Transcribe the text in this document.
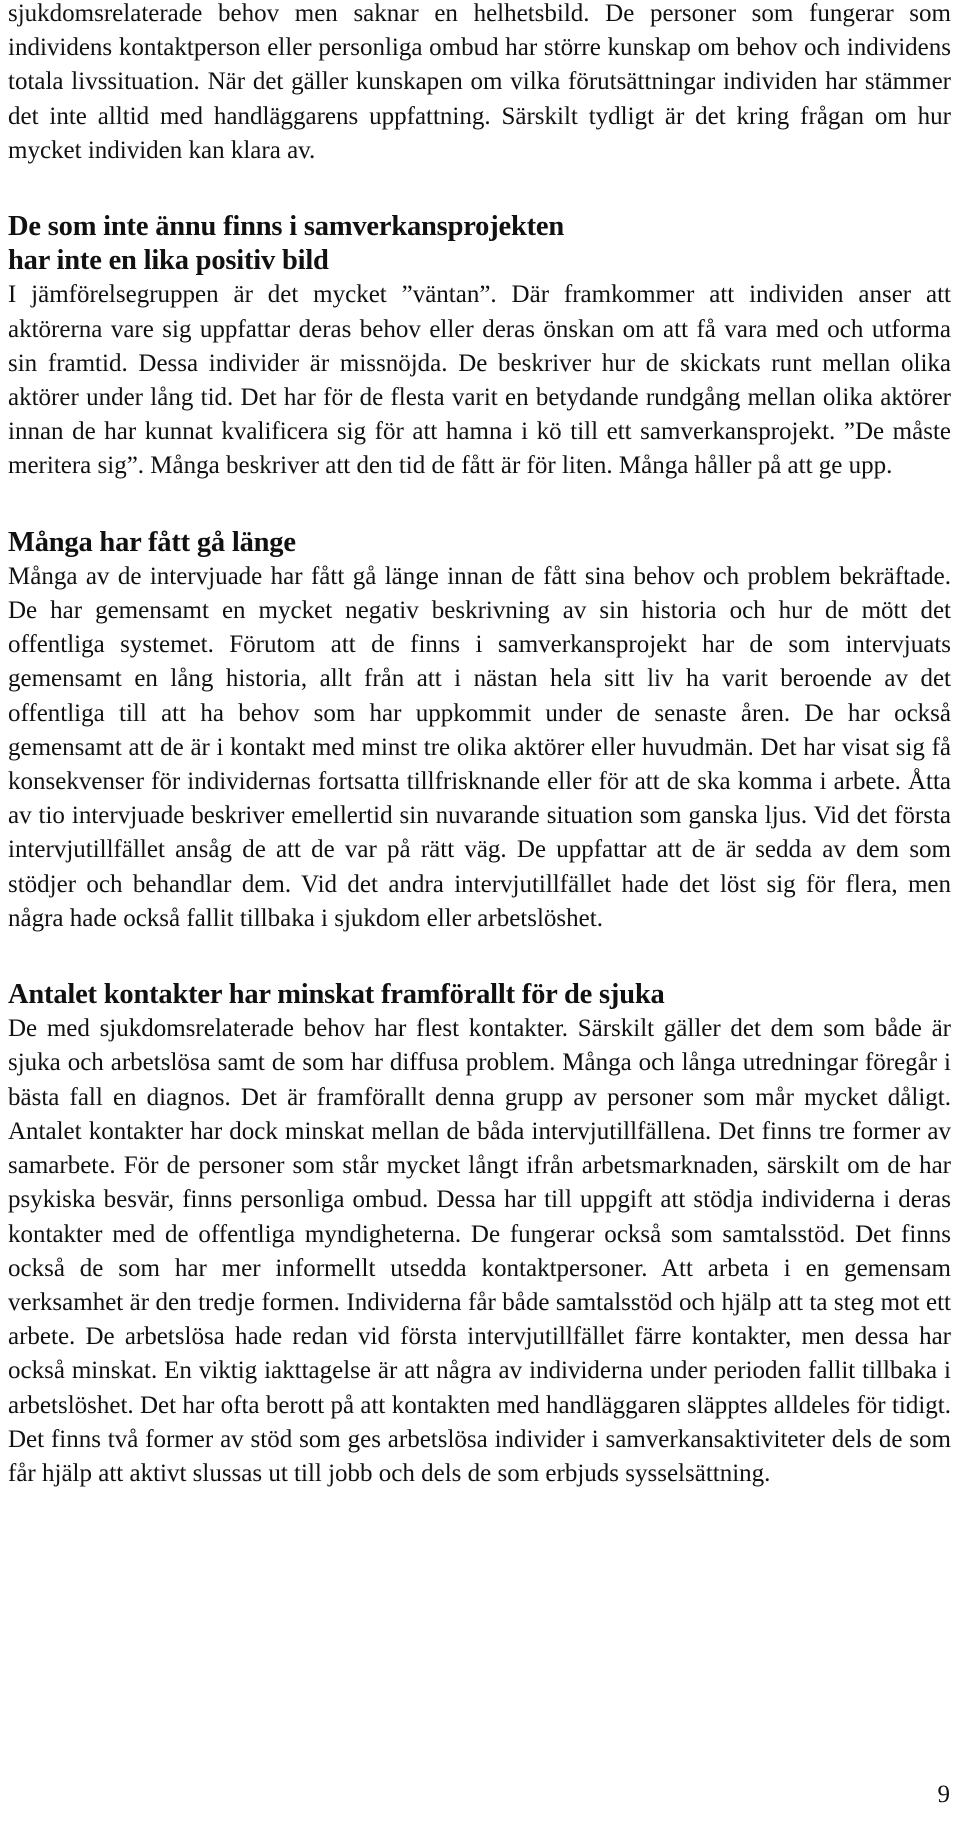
sjukdomsrelaterade behov men saknar en helhetsbild. De personer som fungerar som individens kontaktperson eller personliga ombud har större kunskap om behov och individens totala livssituation. När det gäller kunskapen om vilka förutsättningar individen har stämmer det inte alltid med handläggarens uppfattning. Särskilt tydligt är det kring frågan om hur mycket individen kan klara av.

De som inte ännu finns i samverkansprojekten
har inte en lika positiv bild

I jämförelsegruppen är det mycket ”väntan”. Där framkommer att individen anser att aktörerna vare sig uppfattar deras behov eller deras önskan om att få vara med och utforma sin framtid. Dessa individer är missnöjda. De beskriver hur de skickats runt mellan olika aktörer under lång tid. Det har för de flesta varit en betydande rundgång mellan olika aktörer innan de har kunnat kvalificera sig för att hamna i kö till ett samverkansprojekt. ”De måste meritera sig”. Många beskriver att den tid de fått är för liten. Många håller på att ge upp.

Många har fått gå länge

Många av de intervjuade har fått gå länge innan de fått sina behov och problem bekräftade. De har gemensamt en mycket negativ beskrivning av sin historia och hur de mött det offentliga systemet. Förutom att de finns i samverkansprojekt har de som intervjuats gemensamt en lång historia, allt från att i nästan hela sitt liv ha varit beroende av det offentliga till att ha behov som har uppkommit under de senaste åren. De har också gemensamt att de är i kontakt med minst tre olika aktörer eller huvudmän. Det har visat sig få konsekvenser för individernas fortsatta tillfrisknande eller för att de ska komma i arbete. Åtta av tio intervjuade beskriver emellertid sin nuvarande situation som ganska ljus. Vid det första intervjutillfället ansåg de att de var på rätt väg. De uppfattar att de är sedda av dem som stödjer och behandlar dem. Vid det andra intervjutillfället hade det löst sig för flera, men några hade också fallit tillbaka i sjukdom eller arbetslöshet.

Antalet kontakter har minskat framförallt för de sjuka

De med sjukdomsrelaterade behov har flest kontakter. Särskilt gäller det dem som både är sjuka och arbetslösa samt de som har diffusa problem. Många och långa utredningar föregår i bästa fall en diagnos. Det är framförallt denna grupp av personer som mår mycket dåligt. Antalet kontakter har dock minskat mellan de båda intervjutillfällena. Det finns tre former av samarbete. För de personer som står mycket långt ifrån arbetsmarknaden, särskilt om de har psykiska besvär, finns personliga ombud. Dessa har till uppgift att stödja individerna i deras kontakter med de offentliga myndigheterna. De fungerar också som samtalsstöd. Det finns också de som har mer informellt utsedda kontaktpersoner. Att arbeta i en gemensam verksamhet är den tredje formen. Individerna får både samtalsstöd och hjälp att ta steg mot ett arbete. De arbetslösa hade redan vid första intervjutillfället färre kontakter, men dessa har också minskat. En viktig iakttagelse är att några av individerna under perioden fallit tillbaka i arbetslöshet. Det har ofta berott på att kontakten med handläggaren släpptes alldeles för tidigt. Det finns två former av stöd som ges arbetslösa individer i samverkansaktiviteter dels de som får hjälp att aktivt slussas ut till jobb och dels de som erbjuds sysselsättning.

9
